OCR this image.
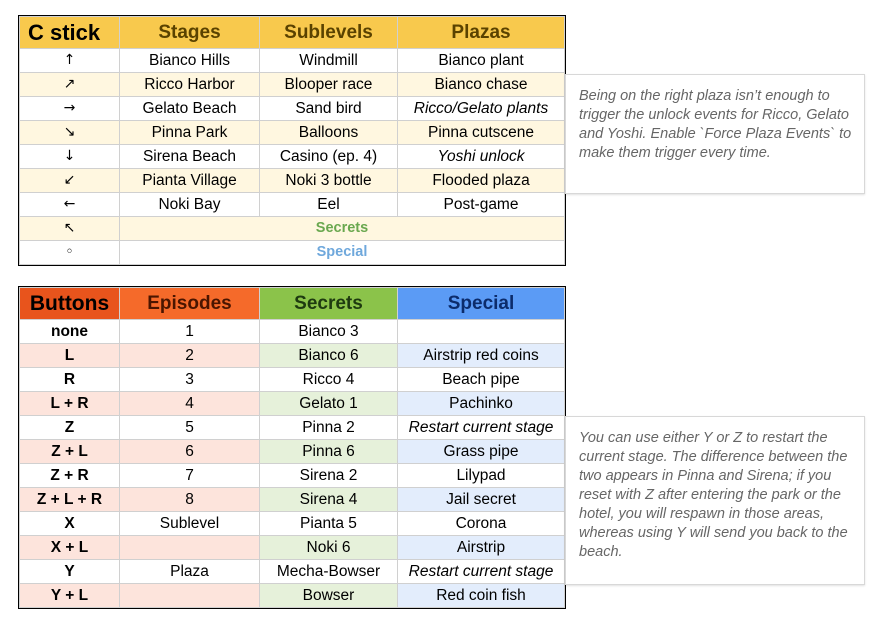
C stick	Stages	Sublevels	Plazas
↑	Bianco Hills	Windmill	Bianco plant
↗	Ricco Harbor	Blooper race	Bianco chase
→	Gelato Beach	Sand bird	Ricco/Gelato plants
↘	Pinna Park	Balloons	Pinna cutscene
↓	Sirena Beach	Casino (ep. 4)	Yoshi unlock
↙	Pianta Village	Noki 3 bottle	Flooded plaza
←	Noki Bay	Eel	Post-game
↖	Secrets		
◦	Special		
Being on the right plaza isn’t enough to trigger the unlock events for Ricco, Gelato and Yoshi. Enable `Force Plaza Events` to make them trigger every time.
Buttons	Episodes	Secrets	Special
none	1	Bianco 3	
L	2	Bianco 6	Airstrip red coins
R	3	Ricco 4	Beach pipe
L + R	4	Gelato 1	Pachinko
Z	5	Pinna 2	Restart current stage
Z + L	6	Pinna 6	Grass pipe
Z + R	7	Sirena 2	Lilypad
Z + L + R	8	Sirena 4	Jail secret
X	Sublevel	Pianta 5	Corona
X + L		Noki 6	Airstrip
Y	Plaza	Mecha-Bowser	Restart current stage
Y + L		Bowser	Red coin fish
You can use either Y or Z to restart the current stage. The difference between the two appears in Pinna and Sirena; if you reset with Z after entering the park or the hotel, you will respawn in those areas, whereas using Y will send you back to the beach.
